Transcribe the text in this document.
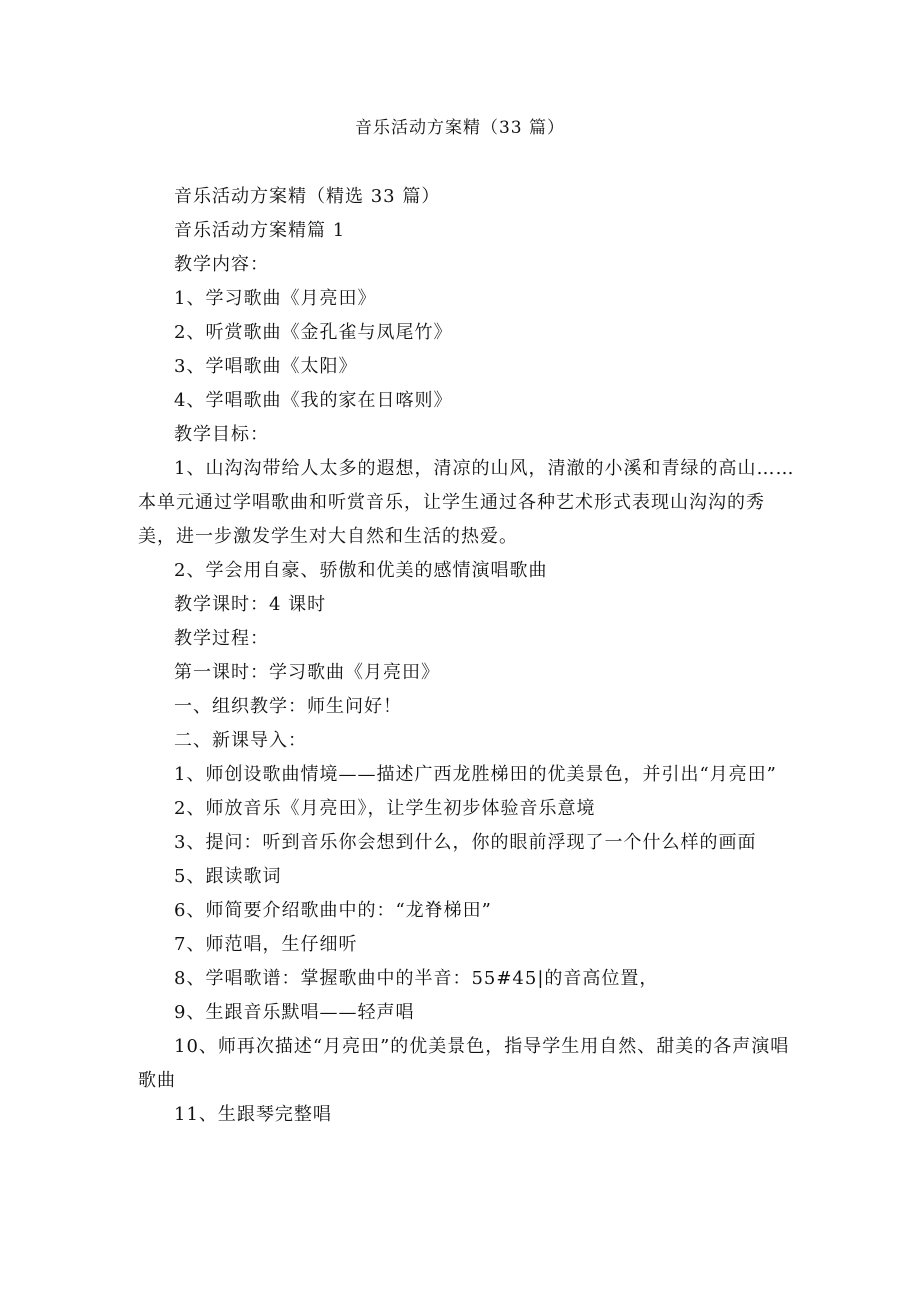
音乐活动方案精（33 篇）

音乐活动方案精（精选 33 篇）

音乐活动方案精篇 1

教学内容：

1、学习歌曲《月亮田》

2、听赏歌曲《金孔雀与凤尾竹》

3、学唱歌曲《太阳》

4、学唱歌曲《我的家在日喀则》

教学目标：

1、山沟沟带给人太多的遐想，清凉的山风，清澈的小溪和青绿的高山……本单元通过学唱歌曲和听赏音乐，让学生通过各种艺术形式表现山沟沟的秀美，进一步激发学生对大自然和生活的热爱。

2、学会用自豪、骄傲和优美的感情演唱歌曲

教学课时：4 课时

教学过程：

第一课时：学习歌曲《月亮田》

一、组织教学：师生问好！

二、新课导入：

1、师创设歌曲情境——描述广西龙胜梯田的优美景色，并引出“月亮田”

2、师放音乐《月亮田》，让学生初步体验音乐意境

3、提问：听到音乐你会想到什么，你的眼前浮现了一个什么样的画面

5、跟读歌词

6、师简要介绍歌曲中的：“龙脊梯田”

7、师范唱，生仔细听

8、学唱歌谱：掌握歌曲中的半音：55#45|的音高位置，

9、生跟音乐默唱——轻声唱

10、师再次描述“月亮田”的优美景色，指导学生用自然、甜美的各声演唱歌曲

11、生跟琴完整唱
